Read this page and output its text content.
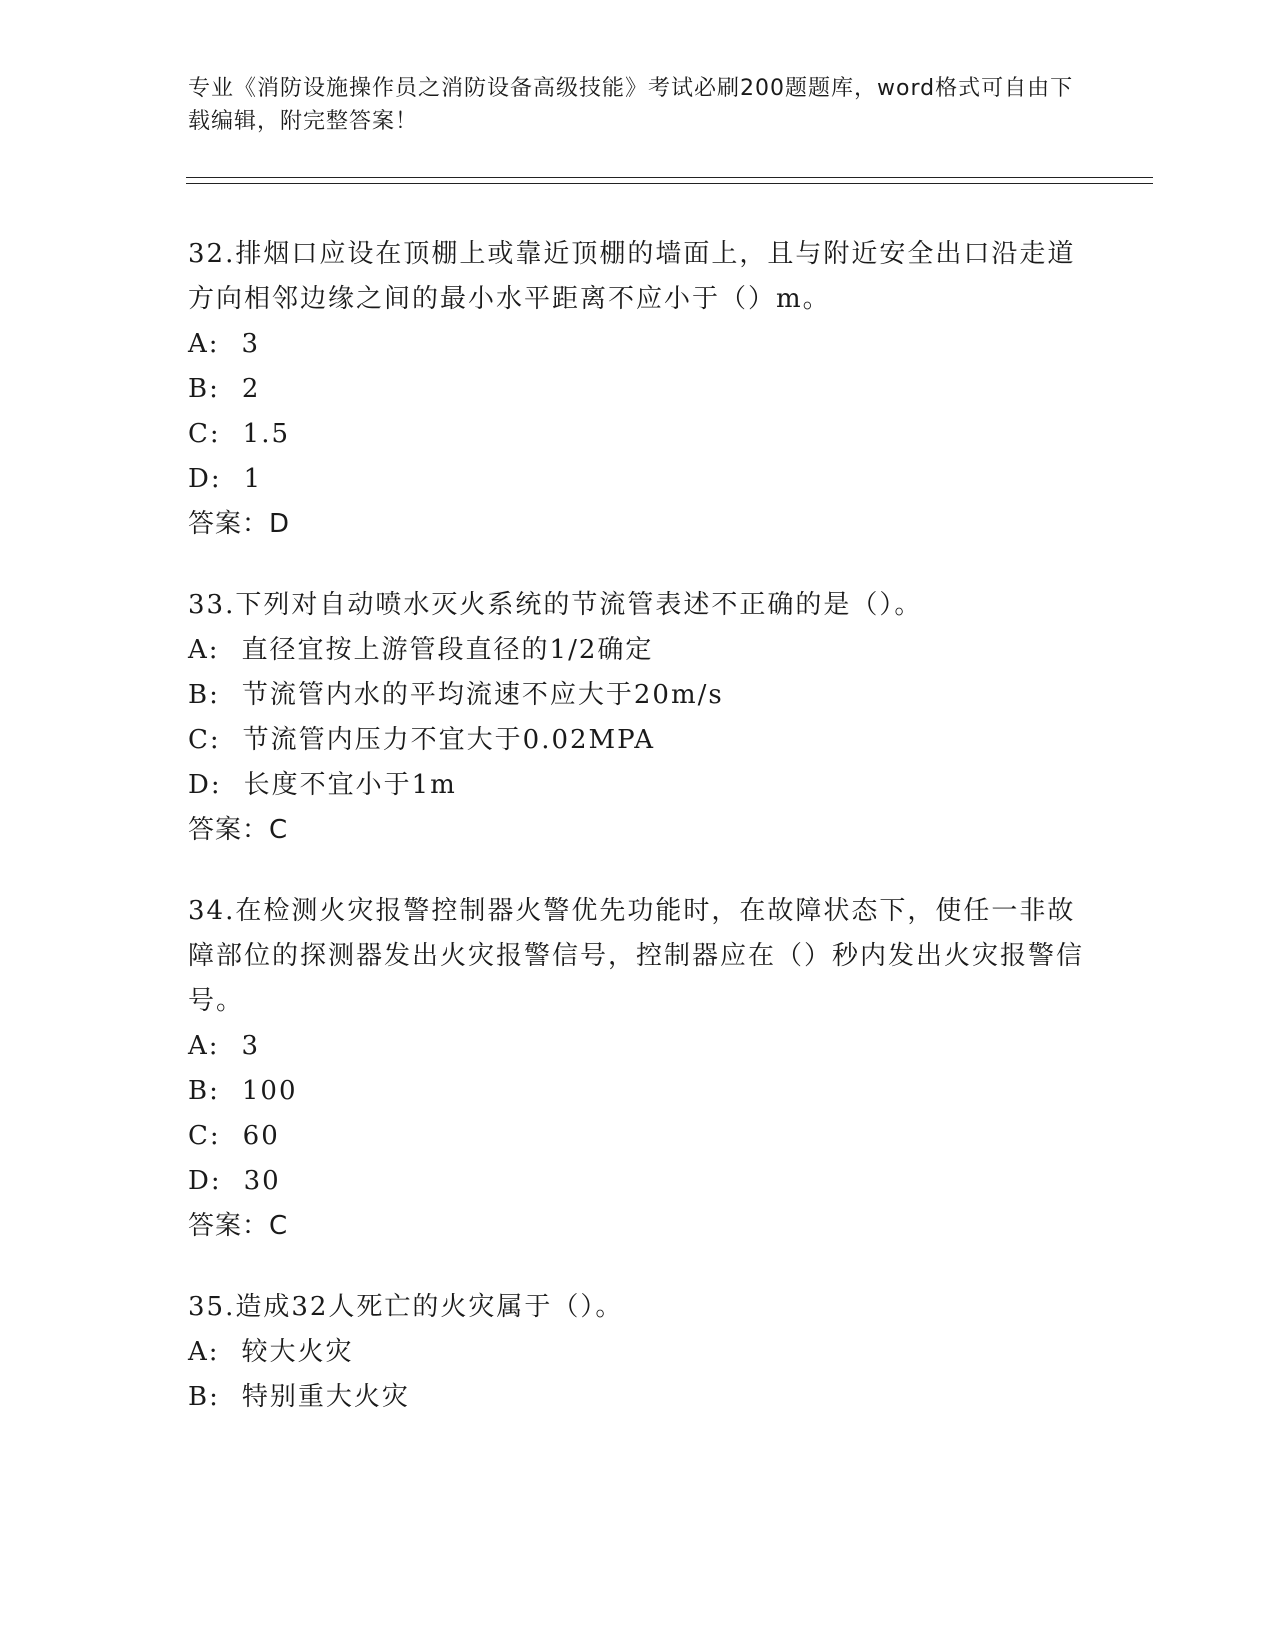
专业《消防设施操作员之消防设备高级技能》考试必刷200题题库，word格式可自由下载编辑，附完整答案！
32.排烟口应设在顶棚上或靠近顶棚的墙面上，且与附近安全出口沿走道方向相邻边缘之间的最小水平距离不应小于（）m。
A: 3
B: 2
C: 1.5
D: 1
答案：D
33.下列对自动喷水灭火系统的节流管表述不正确的是（）。
A: 直径宜按上游管段直径的1/2确定
B: 节流管内水的平均流速不应大于20m/s
C: 节流管内压力不宜大于0.02MPA
D: 长度不宜小于1m
答案：C
34.在检测火灾报警控制器火警优先功能时，在故障状态下，使任一非故障部位的探测器发出火灾报警信号，控制器应在（）秒内发出火灾报警信号。
A: 3
B: 100
C: 60
D: 30
答案：C
35.造成32人死亡的火灾属于（）。
A: 较大火灾
B: 特别重大火灾
